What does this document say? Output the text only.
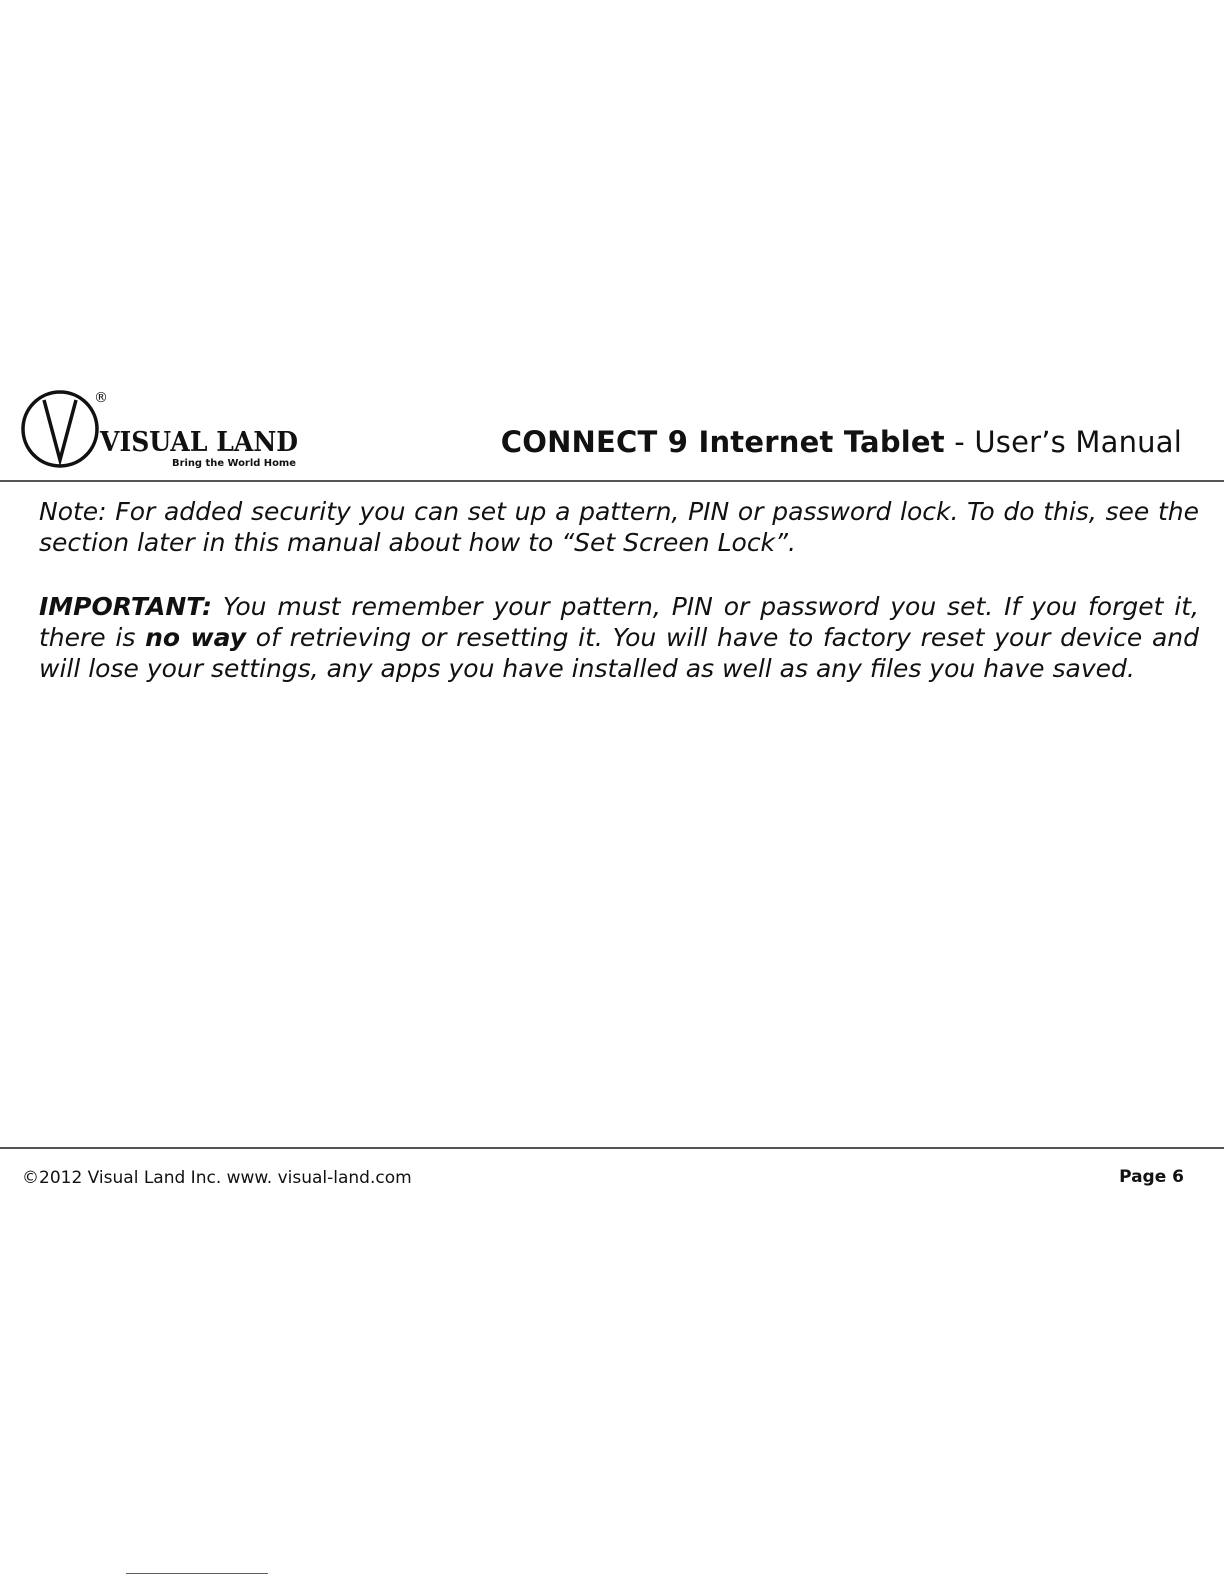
®
VISUAL LAND
Bring the World Home
CONNECT 9 Internet Tablet - User’s Manual

Note: For added security you can set up a pattern, PIN or password lock. To do this, see the section later in this manual about how to “Set Screen Lock”.

IMPORTANT: You must remember your pattern, PIN or password you set. If you forget it, there is no way of retrieving or resetting it. You will have to factory reset your device and will lose your settings, any apps you have installed as well as any files you have saved.

©2012 Visual Land Inc. www. visual-land.com	Page 6
